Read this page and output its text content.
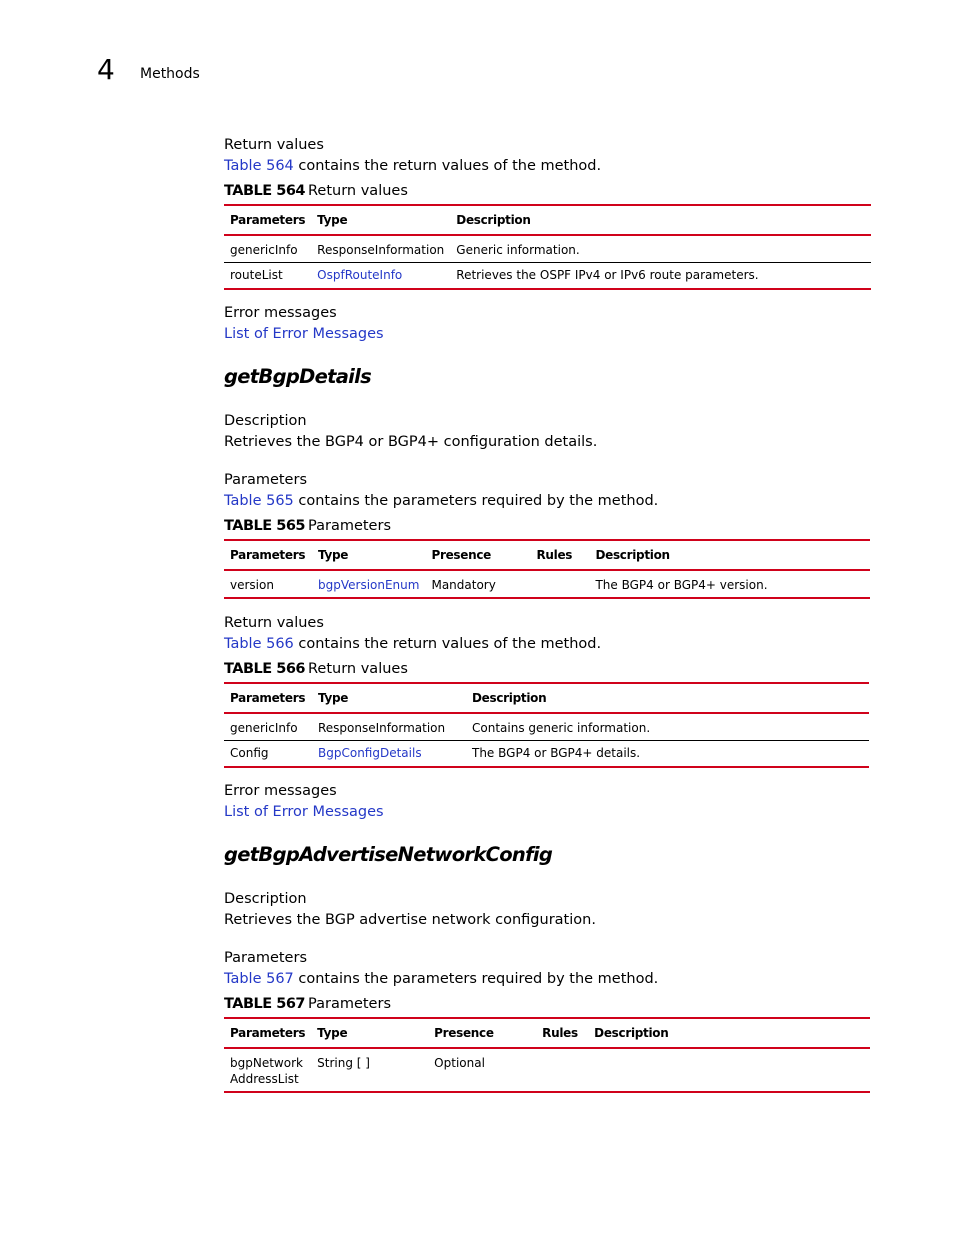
4 Methods
Return values
Table 564 contains the return values of the method.
TABLE 564 Return values
Parameters	Type	Description
genericInfo	ResponseInformation	Generic information.
routeList	OspfRouteInfo	Retrieves the OSPF IPv4 or IPv6 route parameters.
Error messages
List of Error Messages
getBgpDetails
Description
Retrieves the BGP4 or BGP4+ configuration details.
Parameters
Table 565 contains the parameters required by the method.
TABLE 565 Parameters
Parameters	Type	Presence	Rules	Description
version	bgpVersionEnum	Mandatory		The BGP4 or BGP4+ version.
Return values
Table 566 contains the return values of the method.
TABLE 566 Return values
Parameters	Type	Description
genericInfo	ResponseInformation	Contains generic information.
Config	BgpConfigDetails	The BGP4 or BGP4+ details.
Error messages
List of Error Messages
getBgpAdvertiseNetworkConfig
Description
Retrieves the BGP advertise network configuration.
Parameters
Table 567 contains the parameters required by the method.
TABLE 567 Parameters
Parameters	Type	Presence	Rules	Description
bgpNetwork
AddressList	String [ ]	Optional		
